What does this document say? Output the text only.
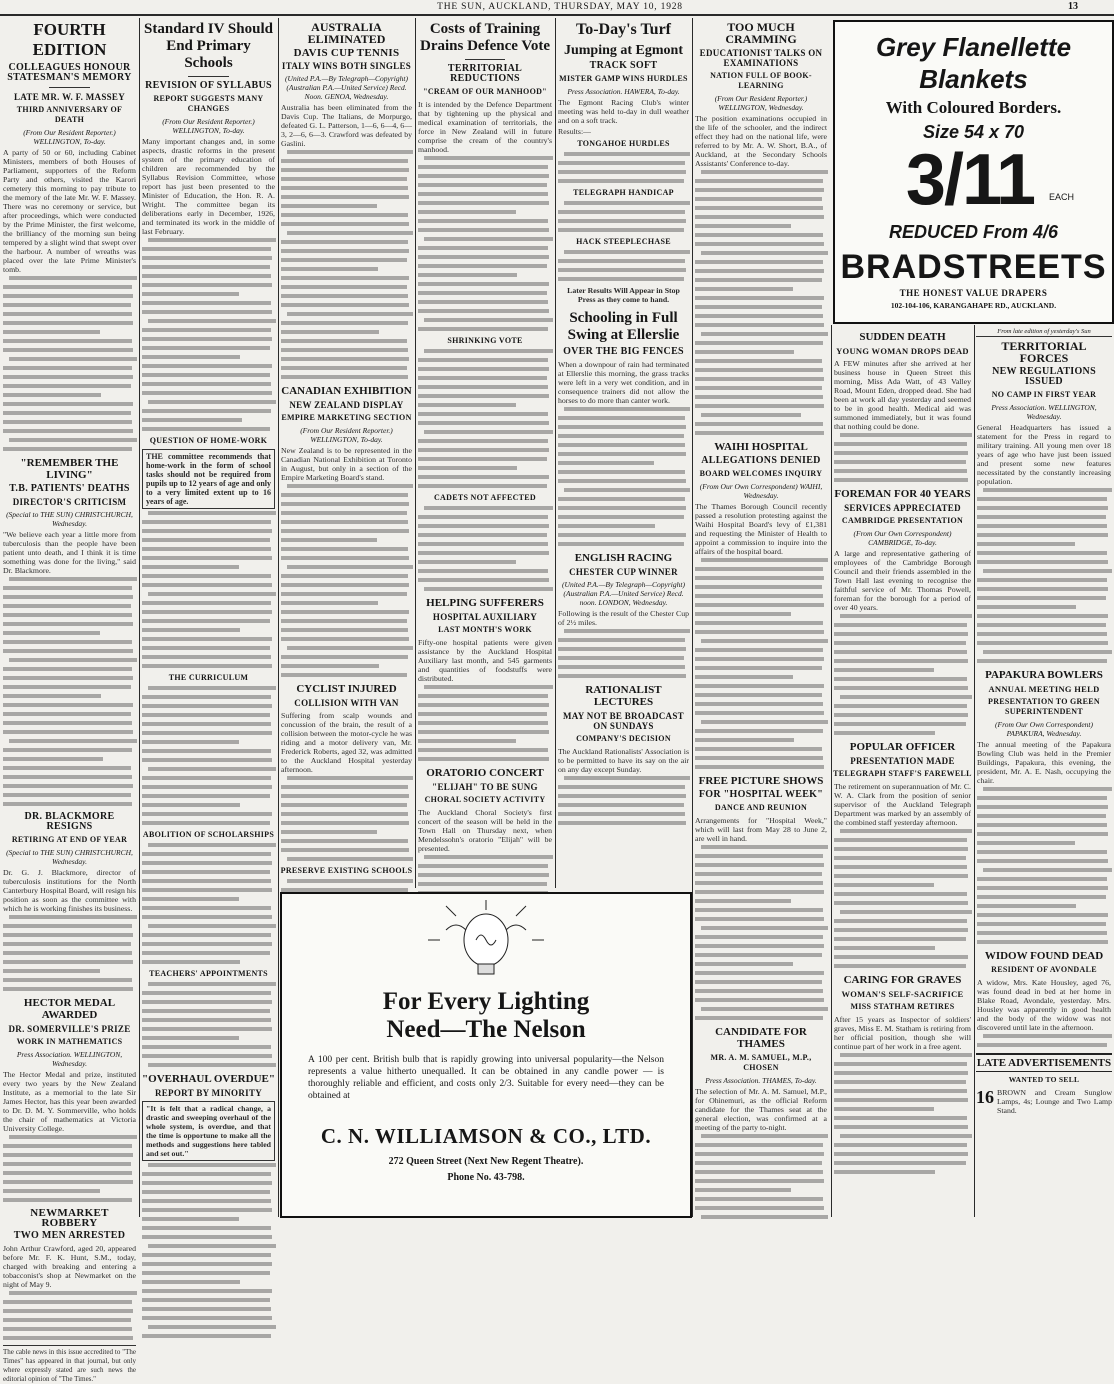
THE SUN, AUCKLAND, THURSDAY, MAY 10, 1928	13
FOURTH EDITION
COLLEAGUES HONOUR STATESMAN'S MEMORY
LATE MR. W. F. MASSEY
THIRD ANNIVERSARY OF DEATH
(From Our Resident Reporter.) WELLINGTON, To-day.
A party of 50 or 60, including Cabinet Ministers, members of both Houses of Parliament, supporters of the Reform Party and others, visited the Karori cemetery this morning to pay tribute to the memory of the late Mr. W. F. Massey. There was no ceremony or service, but after proceedings, which were conducted by the Prime Minister, the first welcome, the brilliancy of the morning sun being tempered by a slight wind that swept over the harbour. A number of wreaths was placed over the late Prime Minister's tomb.
"REMEMBER THE LIVING"
T.B. PATIENTS' DEATHS
DIRECTOR'S CRITICISM
(Special to THE SUN) CHRISTCHURCH, Wednesday.
"We believe each year a little more from tuberculosis than the people have been patient unto death, and I think it is time something was done for the living," said Dr. Blackmore.
DR. BLACKMORE RESIGNS
RETIRING AT END OF YEAR
(Special to THE SUN) CHRISTCHURCH, Wednesday.
Dr. G. J. Blackmore, director of tuberculosis institutions for the North Canterbury Hospital Board, will resign his position as soon as the committee with which he is working finishes its business.
HECTOR MEDAL AWARDED
DR. SOMERVILLE'S PRIZE
WORK IN MATHEMATICS
Press Association. WELLINGTON, Wednesday.
The Hector Medal and prize, instituted every two years by the New Zealand Institute, as a memorial to the late Sir James Hector, has this year been awarded to Dr. D. M. Y. Sommerville, who holds the chair of mathematics at Victoria University College.
NEWMARKET ROBBERY
TWO MEN ARRESTED
John Arthur Crawford, aged 20, appeared before Mr. F. K. Hunt, S.M., today, charged with breaking and entering a tobacconist's shop at Newmarket on the night of May 9.
The cable news in this issue accredited to "The Times" has appeared in that journal, but only where expressly stated are such news the editorial opinion of "The Times."
Standard IV Should End Primary Schools
REVISION OF SYLLABUS
REPORT SUGGESTS MANY CHANGES
(From Our Resident Reporter.) WELLINGTON, To-day.
Many important changes and, in some aspects, drastic reforms in the present system of the primary education of children are recommended by the Syllabus Revision Committee, whose report has just been presented to the Minister of Education, the Hon. R. A. Wright. The committee began its deliberations early in December, 1926, and terminated its work in the middle of last February.
QUESTION OF HOME-WORK
THE committee recommends that home-work in the form of school tasks should not be required from pupils up to 12 years of age and only to a very limited extent up to 16 years of age.
THE CURRICULUM
ABOLITION OF SCHOLARSHIPS
TEACHERS' APPOINTMENTS
"OVERHAUL OVERDUE"
REPORT BY MINORITY
"It is felt that a radical change, a drastic and sweeping overhaul of the whole system, is overdue, and that the time is opportune to make all the methods and suggestions here tabled and set out."
AUSTRALIA ELIMINATED
DAVIS CUP TENNIS
ITALY WINS BOTH SINGLES
(United P.A.—By Telegraph—Copyright) (Australian P.A.—United Service) Recd. Noon. GENOA, Wednesday.
Australia has been eliminated from the Davis Cup. The Italians, de Morpurgo, defeated G. L. Patterson, 1—6, 6—4, 6—3, 2—6, 6—3. Crawford was defeated by Gaslini.
CANADIAN EXHIBITION
NEW ZEALAND DISPLAY
EMPIRE MARKETING SECTION
(From Our Resident Reporter.) WELLINGTON, To-day.
New Zealand is to be represented in the Canadian National Exhibition at Toronto in August, but only in a section of the Empire Marketing Board's stand.
CYCLIST INJURED
COLLISION WITH VAN
Suffering from scalp wounds and concussion of the brain, the result of a collision between the motor-cycle he was riding and a motor delivery van, Mr. Frederick Roberts, aged 32, was admitted to the Auckland Hospital yesterday afternoon.
PRESERVE EXISTING SCHOOLS
Costs of Training Drains Defence Vote
TERRITORIAL REDUCTIONS
"CREAM OF OUR MANHOOD"
It is intended by the Defence Department that by tightening up the physical and medical examination of territorials, the force in New Zealand will in future comprise the cream of the country's manhood.
SHRINKING VOTE
CADETS NOT AFFECTED
HELPING SUFFERERS
HOSPITAL AUXILIARY
LAST MONTH'S WORK
Fifty-one hospital patients were given assistance by the Auckland Hospital Auxiliary last month, and 545 garments and quantities of foodstuffs were distributed.
ORATORIO CONCERT
"ELIJAH" TO BE SUNG
CHORAL SOCIETY ACTIVITY
The Auckland Choral Society's first concert of the season will be held in the Town Hall on Thursday next, when Mendelssohn's oratorio "Elijah" will be presented.
To-Day's Turf
Jumping at Egmont
TRACK SOFT
MISTER GAMP WINS HURDLES
Press Association. HAWERA, To-day.
The Egmont Racing Club's winter meeting was held to-day in dull weather and on a soft track.
Results:—
TONGAHOE HURDLES
TELEGRAPH HANDICAP
HACK STEEPLECHASE
Later Results Will Appear in Stop Press as they come to hand.
Schooling in Full Swing at Ellerslie
OVER THE BIG FENCES
When a downpour of rain had terminated at Ellerslie this morning, the grass tracks were left in a very wet condition, and in consequence trainers did not allow the horses to do more than canter work.
ENGLISH RACING
CHESTER CUP WINNER
(United P.A.—By Telegraph—Copyright) (Australian P.A.—United Service) Recd. noon. LONDON, Wednesday.
Following is the result of the Chester Cup of 2½ miles.
RATIONALIST LECTURES
MAY NOT BE BROADCAST ON SUNDAYS
COMPANY'S DECISION
The Auckland Rationalists' Association is to be permitted to have its say on the air on any day except Sunday.
For Every Lighting
Need—The Nelson
A 100 per cent. British bulb that is rapidly growing into universal popularity—the Nelson represents a value hitherto unequalled. It can be obtained in any candle power — is thoroughly reliable and efficient, and costs only 2/3. Suitable for every need—they can be obtained at
C. N. WILLIAMSON & CO., LTD.
272 Queen Street (Next New Regent Theatre).
Phone No. 43-798.
TOO MUCH CRAMMING
EDUCATIONIST TALKS ON EXAMINATIONS
NATION FULL OF BOOK-LEARNING
(From Our Resident Reporter.) WELLINGTON, Wednesday.
The position examinations occupied in the life of the schooler, and the indirect effect they had on the national life, were referred to by Mr. A. W. Short, B.A., of Auckland, at the Secondary Schools Assistants' Conference to-day.
WAIHI HOSPITAL
ALLEGATIONS DENIED
BOARD WELCOMES INQUIRY
(From Our Own Correspondent) WAIHI, Wednesday.
The Thames Borough Council recently passed a resolution protesting against the Waihi Hospital Board's levy of £1,381 and requesting the Minister of Health to appoint a commission to inquire into the affairs of the hospital board.
FREE PICTURE SHOWS
FOR "HOSPITAL WEEK"
DANCE AND REUNION
Arrangements for "Hospital Week," which will last from May 28 to June 2, are well in hand.
CANDIDATE FOR THAMES
MR. A. M. SAMUEL, M.P., CHOSEN
Press Association. THAMES, To-day.
The selection of Mr. A. M. Samuel, M.P., for Ohinemuri, as the official Reform candidate for the Thames seat at the general election, was confirmed at a meeting of the party to-night.
Grey Flanellette
Blankets
With Coloured Borders.
Size 54 x 70
3/11	EACH
REDUCED From 4/6
BRADSTREETS
THE HONEST VALUE DRAPERS
102-104-106, KARANGAHAPE RD., AUCKLAND.
SUDDEN DEATH
YOUNG WOMAN DROPS DEAD
A FEW minutes after she arrived at her business house in Queen Street this morning, Miss Ada Watt, of 43 Valley Road, Mount Eden, dropped dead. She had been at work all day yesterday and seemed to be in good health. Medical aid was summoned immediately, but it was found that nothing could be done.
FOREMAN FOR 40 YEARS
SERVICES APPRECIATED
CAMBRIDGE PRESENTATION
(From Our Own Correspondent) CAMBRIDGE, To-day.
A large and representative gathering of employees of the Cambridge Borough Council and their friends assembled in the Town Hall last evening to recognise the faithful service of Mr. Thomas Powell, foreman for the borough for a period of over 40 years.
POPULAR OFFICER
PRESENTATION MADE
TELEGRAPH STAFF'S FAREWELL
The retirement on superannuation of Mr. C. W. A. Clark from the position of senior supervisor of the Auckland Telegraph Department was marked by an assembly of the combined staff yesterday afternoon.
CARING FOR GRAVES
WOMAN'S SELF-SACRIFICE
MISS STATHAM RETIRES
After 15 years as Inspector of soldiers' graves, Miss E. M. Statham is retiring from her official position, though she will continue part of her work in a free agent.
From late edition of yesterday's Sun
TERRITORIAL FORCES
NEW REGULATIONS ISSUED
NO CAMP IN FIRST YEAR
Press Association. WELLINGTON, Wednesday.
General Headquarters has issued a statement for the Press in regard to military training. All young men over 18 years of age who have just been issued and present some new features necessitated by the constantly increasing population.
PAPAKURA BOWLERS
ANNUAL MEETING HELD
PRESENTATION TO GREEN SUPERINTENDENT
(From Our Own Correspondent) PAPAKURA, Wednesday.
The annual meeting of the Papakura Bowling Club was held in the Premier Buildings, Papakura, this evening, the president, Mr. A. E. Nash, occupying the chair.
WIDOW FOUND DEAD
RESIDENT OF AVONDALE
A widow, Mrs. Kate Housley, aged 76, was found dead in bed at her home in Blake Road, Avondale, yesterday. Mrs. Housley was apparently in good health and the body of the widow was not discovered until late in the afternoon.
LATE ADVERTISEMENTS
WANTED TO SELL
16 BROWN and Cream Sunglow Lamps, 4s; Lounge and Two Lamp Stand.
